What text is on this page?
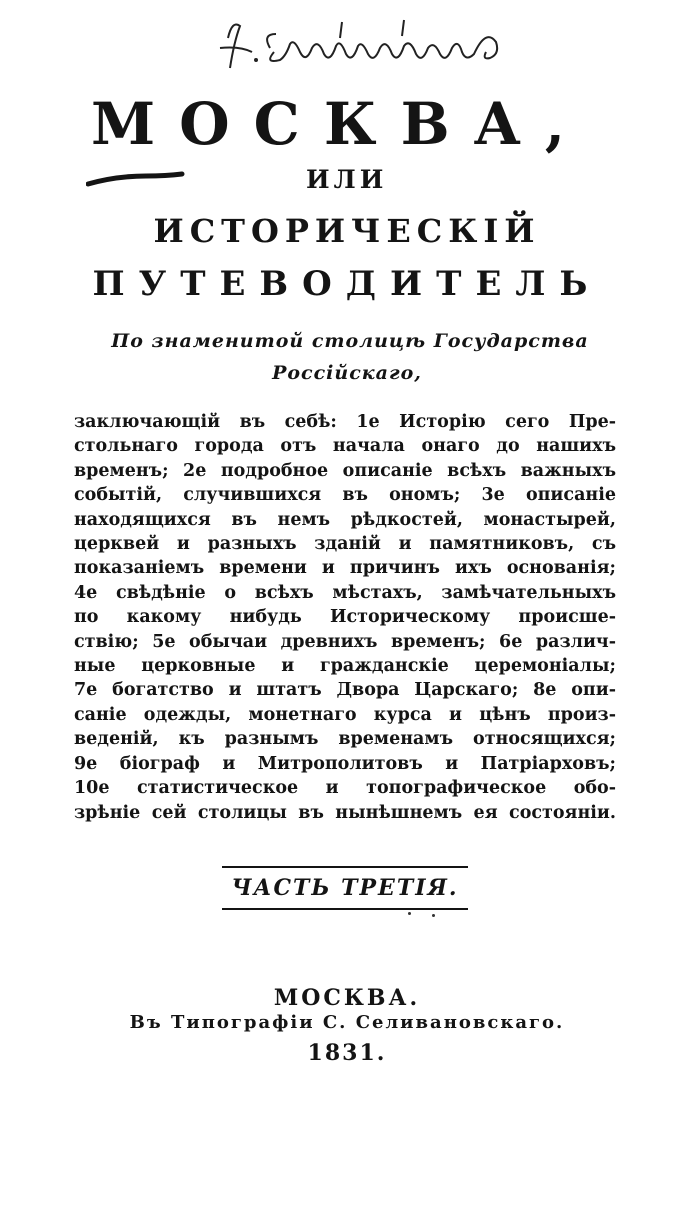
МОСКВА,
ИЛИ
ИСТОРИЧЕСКІЙ
ПУТЕВОДИТЕЛЬ
По знаменитой столицѣ Государства
Россійскаго,
заключающій въ себѣ: 1е Исторію сего Пре-
стольнаго города отъ начала онаго до нашихъ
временъ; 2е подробное описаніе всѣхъ важныхъ
событій, случившихся въ ономъ; 3е описаніе
находящихся въ немъ рѣдкостей, монастырей,
церквей и разныхъ зданій и памятниковъ, съ
показаніемъ времени и причинъ ихъ основанія;
4е свѣдѣніе о всѣхъ мѣстахъ, замѣчательныхъ
по какому нибудь Историческому происше-
ствію; 5е обычаи древнихъ временъ; 6е различ-
ные церковные и гражданскіе церемоніалы;
7е богатство и штатъ Двора Царскаго; 8е опи-
саніе одежды, монетнаго курса и цѣнъ произ-
веденій, къ разнымъ временамъ относящихся;
9е біограф и Митрополитовъ и Патріарховъ;
10е статистическое и топографическое обо-
зрѣніе сей столицы въ нынѣшнемъ ея состояніи.
ЧАСТЬ ТРЕТІЯ.
МОСКВА.
Въ Типографіи С. Селивановскаго.
1831.
